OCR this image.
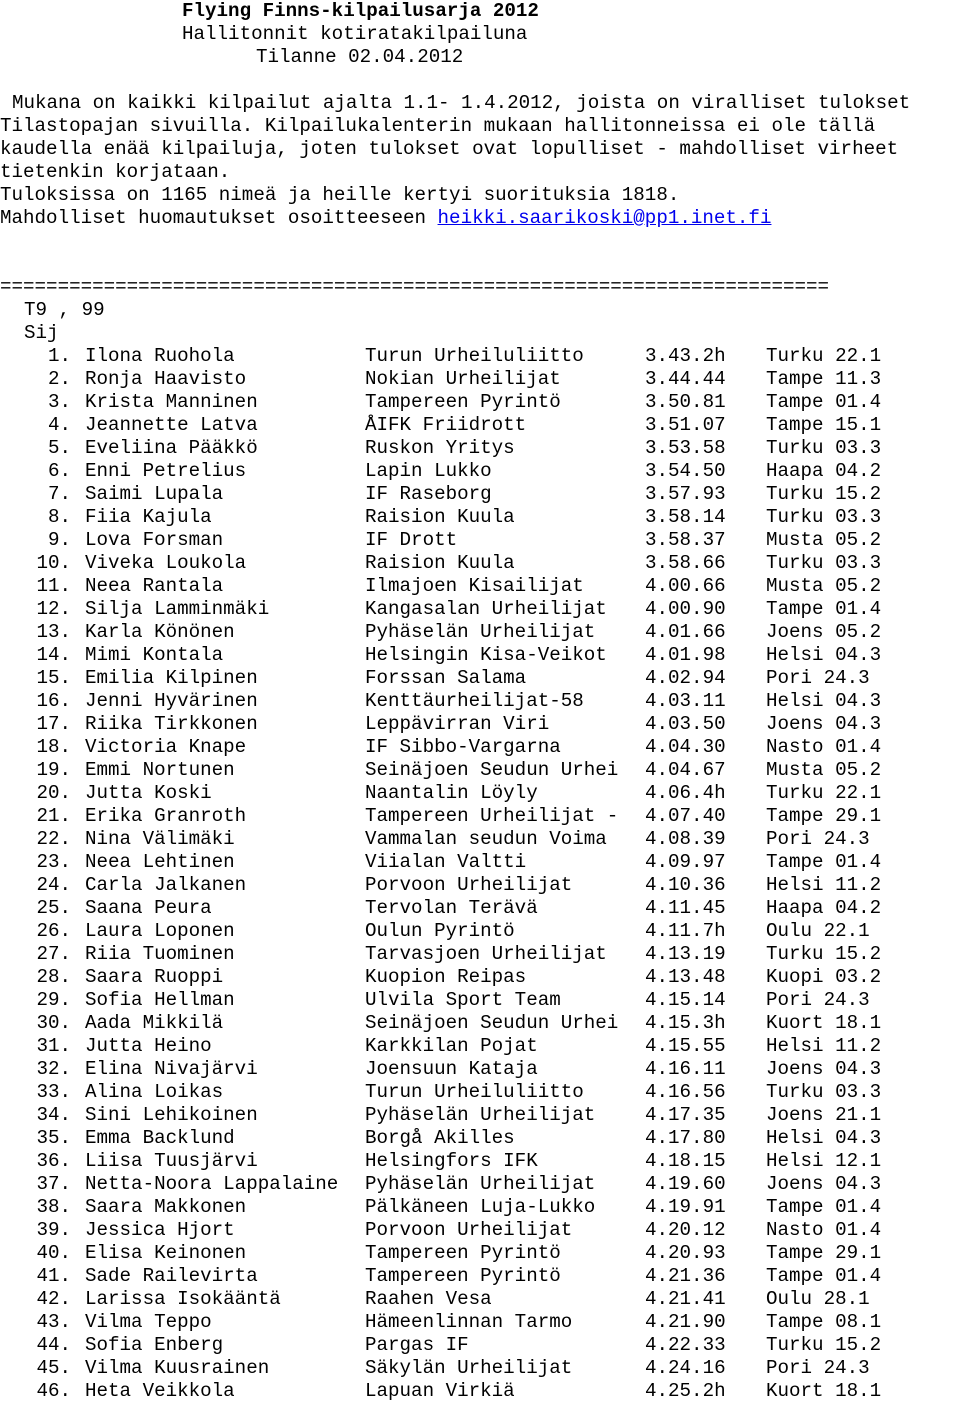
Flying Finns-kilpailusarja 2012
Hallitonnit kotiratakilpailuna
Tilanne 02.04.2012
Mukana on kaikki kilpailut ajalta 1.1- 1.4.2012, joista on viralliset tulokset
Tilastopajan sivuilla. Kilpailukalenterin mukaan hallitonneissa ei ole tällä
kaudella enää kilpailuja, joten tulokset ovat lopulliset - mahdolliset virheet
tietenkin korjataan.
Tuloksissa on 1165 nimeä ja heille kertyi suorituksia 1818.
Mahdolliset huomautukset osoitteeseen heikki.saarikoski@pp1.inet.fi
========================================================================
T9 , 99
Sij
1. Ilona Ruohola	Turun Urheiluliitto	3.43.2h Turku 22.1
2. Ronja Haavisto	Nokian Urheilijat	3.44.44 Tampe 11.3
3. Krista Manninen	Tampereen Pyrintö	3.50.81 Tampe 01.4
4. Jeannette Latva	ÅIFK Friidrott	3.51.07 Tampe 15.1
5. Eveliina Pääkkö	Ruskon Yritys	3.53.58 Turku 03.3
6. Enni Petrelius	Lapin Lukko	3.54.50 Haapa 04.2
7. Saimi Lupala	IF Raseborg	3.57.93 Turku 15.2
8. Fiia Kajula	Raision Kuula	3.58.14 Turku 03.3
9. Lova Forsman	IF Drott	3.58.37 Musta 05.2
10. Viveka Loukola	Raision Kuula	3.58.66 Turku 03.3
11. Neea Rantala	Ilmajoen Kisailijat	4.00.66 Musta 05.2
12. Silja Lamminmäki	Kangasalan Urheilijat 4.00.90 Tampe 01.4
13. Karla Könönen	Pyhäselän Urheilijat	4.01.66 Joens 05.2
14. Mimi Kontala	Helsingin Kisa-Veikot 4.01.98 Helsi 04.3
15. Emilia Kilpinen	Forssan Salama	4.02.94 Pori 24.3
16. Jenni Hyvärinen	Kenttäurheilijat-58	4.03.11 Helsi 04.3
17. Riika Tirkkonen	Leppävirran Viri	4.03.50 Joens 04.3
18. Victoria Knape	IF Sibbo-Vargarna	4.04.30 Nasto 01.4
19. Emmi Nortunen	Seinäjoen Seudun Urhei 4.04.67 Musta 05.2
20. Jutta Koski	Naantalin Löyly	4.06.4h Turku 22.1
21. Erika Granroth	Tampereen Urheilijat - 4.07.40 Tampe 29.1
22. Nina Välimäki	Vammalan seudun Voima 4.08.39 Pori 24.3
23. Neea Lehtinen	Viialan Valtti	4.09.97 Tampe 01.4
24. Carla Jalkanen	Porvoon Urheilijat	4.10.36 Helsi 11.2
25. Saana Peura	Tervolan Terävä	4.11.45 Haapa 04.2
26. Laura Loponen	Oulun Pyrintö	4.11.7h Oulu 22.1
27. Riia Tuominen	Tarvasjoen Urheilijat 4.13.19 Turku 15.2
28. Saara Ruoppi	Kuopion Reipas	4.13.48 Kuopi 03.2
29. Sofia Hellman	Ulvila Sport Team	4.15.14 Pori 24.3
30. Aada Mikkilä	Seinäjoen Seudun Urhei 4.15.3h Kuort 18.1
31. Jutta Heino	Karkkilan Pojat	4.15.55 Helsi 11.2
32. Elina Nivajärvi	Joensuun Kataja	4.16.11 Joens 04.3
33. Alina Loikas	Turun Urheiluliitto	4.16.56 Turku 03.3
34. Sini Lehikoinen	Pyhäselän Urheilijat	4.17.35 Joens 21.1
35. Emma Backlund	Borgå Akilles	4.17.80 Helsi 04.3
36. Liisa Tuusjärvi	Helsingfors IFK	4.18.15 Helsi 12.1
37. Netta-Noora Lappalaine Pyhäselän Urheilijat	4.19.60 Joens 04.3
38. Saara Makkonen	Pälkäneen Luja-Lukko	4.19.91 Tampe 01.4
39. Jessica Hjort	Porvoon Urheilijat	4.20.12 Nasto 01.4
40. Elisa Keinonen	Tampereen Pyrintö	4.20.93 Tampe 29.1
41. Sade Railevirta	Tampereen Pyrintö	4.21.36 Tampe 01.4
42. Larissa Isokääntä	Raahen Vesa	4.21.41 Oulu 28.1
43. Vilma Teppo	Hämeenlinnan Tarmo	4.21.90 Tampe 08.1
44. Sofia Enberg	Pargas IF	4.22.33 Turku 15.2
45. Vilma Kuusrainen	Säkylän Urheilijat	4.24.16 Pori 24.3
46. Heta Veikkola	Lapuan Virkiä	4.25.2h Kuort 18.1
